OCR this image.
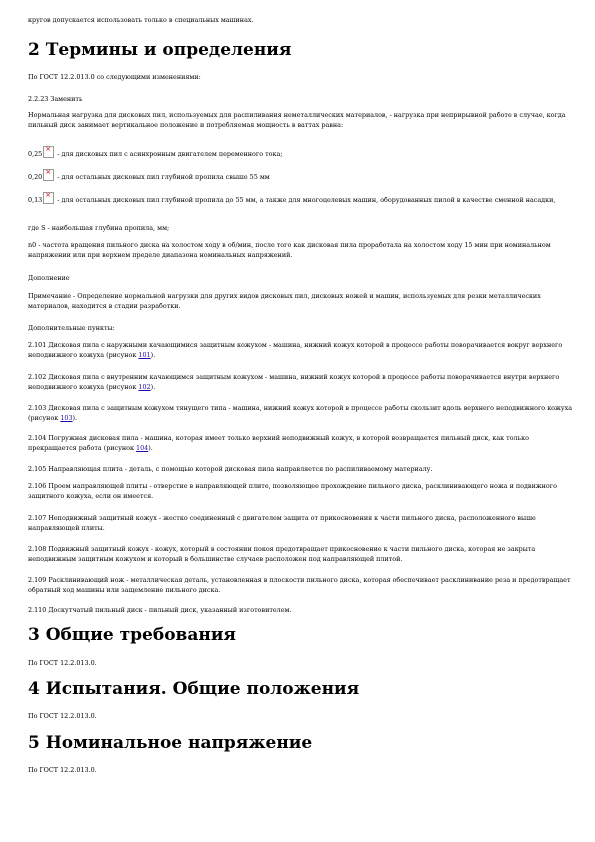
кругов допускается использовать только в специальных машинах.

2 Термины и определения

По ГОСТ 12.2.013.0 со следующими изменениями:

2.2.23 Заменить

Нормальная нагрузка для дисковых пил, используемых для распиливания неметаллических материалов, - нагрузка при неприрывной работе в случае, когда пильный диск занимает вертикальное положение и потребляемая мощность в ваттах равна:

0,25 × - для дисковых пил с асинхронным двигателем переменного тока;

0,20 × - для остальных дисковых пил глубиной пропила свыше 55 мм

0,13 × - для остальных дисковых пил глубиной пропила до 55 мм, а также для многоцелевых машин, оборудованных пилой в качестве сменной насадки,

где S - наибольшая глубина пропила, мм;

n0 - частота вращения пильного диска на холостом ходу в об/мин, после того как дисковая пила проработала на холостом ходу 15 мин при номинальном напряжении или при верхнем пределе диапазона номинальных напряжений.

Дополнение

Примечание - Определение нормальной нагрузки для других видов дисковых пил, дисковых ножей и машин, используемых для резки металлических материалов, находится в стадии разработки.

Дополнительные пункты:

2.101 Дисковая пила с наружными качающимися защитным кожухом - машина, нижний кожух которой в процессе работы поворачивается вокруг верхнего неподвижного кожуха (рисунок 101).

2.102 Дисковая пила с внутренним качающимся защитным кожухом - машина, нижний кожух которой в процессе работы поворачивается внутри верхнего неподвижного кожуха (рисунок 102).

2.103 Дисковая пила с защитным кожухом тянущего типа - машина, нижний кожух которой в процессе работы скользит вдоль верхнего неподвижного кожуха (рисунок 103).

2.104 Погружная дисковая пила - машина, которая имеет только верхний неподвижный кожух, в которой возвращается пильный диск, как только прекращается работа (рисунок 104).

2.105 Направляющая плита - деталь, с помощью которой дисковая пила направляется по распиливаемому материалу.

2.106 Проем направляющей плиты - отверстие в направляющей плите, позволяющее прохождение пильного диска, расклинивающего ножа и подвижного защитного кожуха, если он имеется.

2.107 Неподвижный защитный кожух - жестко соединенный с двигателем защита от прикосновения к части пильного диска, расположенного выше направляющей плиты.

2.108 Подвижный защитный кожух - кожух, который в состоянии покоя предотвращает прикосновение к части пильного диска, которая не закрыта неподвижным защитным кожухом и который в большинстве случаев расположен под направляющей плитой.

2.109 Расклинивающий нож - металлическая деталь, установленная в плоскости пильного диска, которая обеспечивает расклинивание реза и предотвращает обратный ход машины или защемление пильного диска.

2.110 Доскутчатый пильный диск - пильный диск, указанный изготовителем.

3 Общие требования

По ГОСТ 12.2.013.0.

4 Испытания. Общие положения

По ГОСТ 12.2.013.0.

5 Номинальное напряжение

По ГОСТ 12.2.013.0.
